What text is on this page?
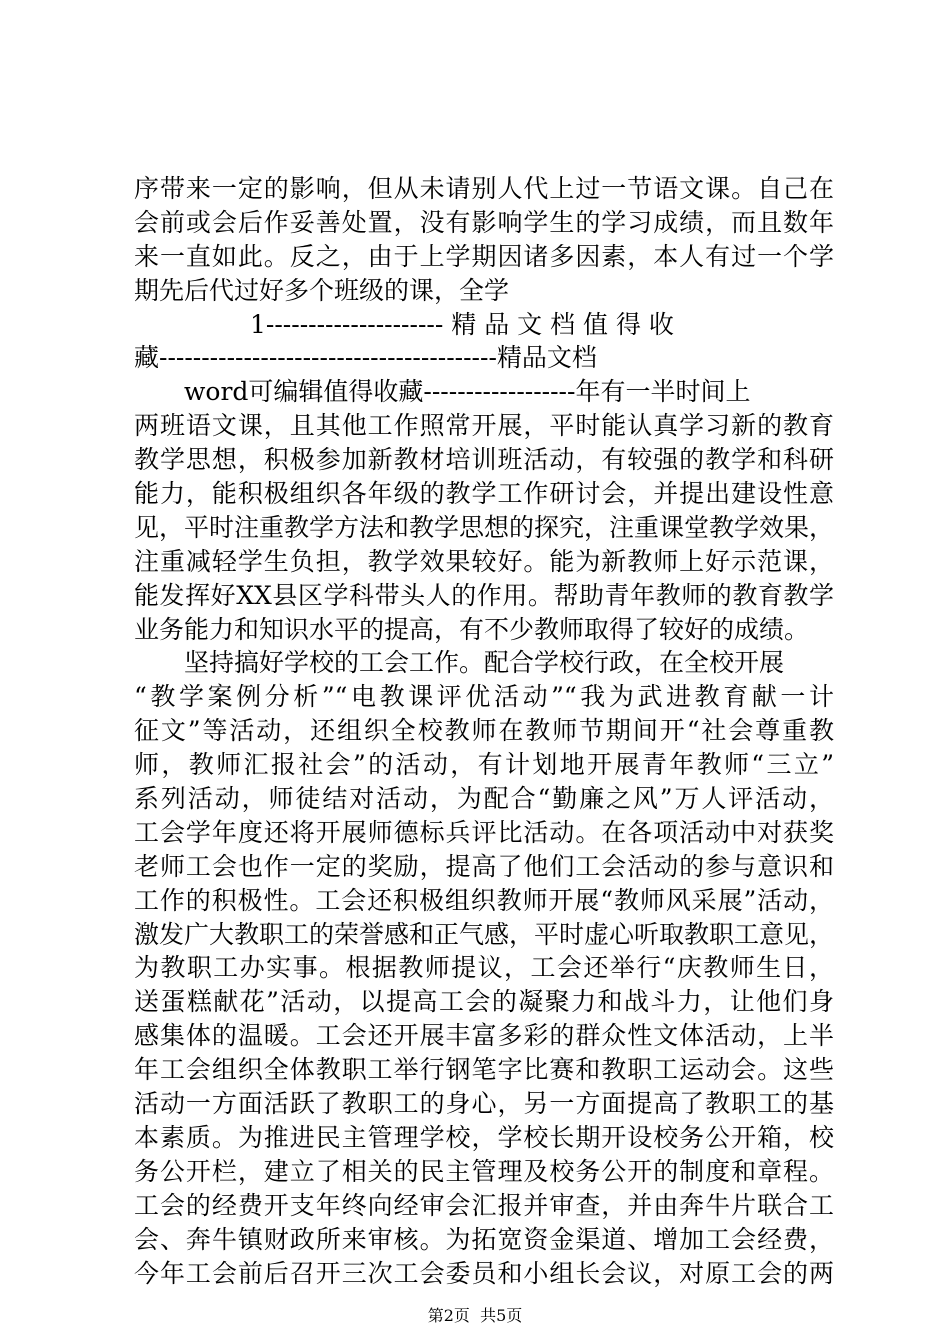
序带来一定的影响，但从未请别人代上过一节语文课。自己在
会前或会后作妥善处置，没有影响学生的学习成绩，而且数年
来一直如此。反之，由于上学期因诸多因素，本人有过一个学
期先后代过好多个班级的课，全学
1--------------------- 精 品 文 档 值 得 收
藏----------------------------------------精品文档
word可编辑值得收藏------------------年有一半时间上
两班语文课，且其他工作照常开展，平时能认真学习新的教育
教学思想，积极参加新教材培训班活动，有较强的教学和科研
能力，能积极组织各年级的教学工作研讨会，并提出建设性意
见，平时注重教学方法和教学思想的探究，注重课堂教学效果，
注重减轻学生负担，教学效果较好。能为新教师上好示范课，
能发挥好XX县区学科带头人的作用。帮助青年教师的教育教学
业务能力和知识水平的提高，有不少教师取得了较好的成绩。
坚持搞好学校的工会工作。配合学校行政，在全校开展
“教学案例分析”“电教课评优活动”“我为武进教育献一计
征文”等活动，还组织全校教师在教师节期间开“社会尊重教
师，教师汇报社会”的活动，有计划地开展青年教师“三立”
系列活动，师徒结对活动，为配合“勤廉之风”万人评活动，
工会学年度还将开展师德标兵评比活动。在各项活动中对获奖
老师工会也作一定的奖励，提高了他们工会活动的参与意识和
工作的积极性。工会还积极组织教师开展“教师风采展”活动，
激发广大教职工的荣誉感和正气感，平时虚心听取教职工意见，
为教职工办实事。根据教师提议，工会还举行“庆教师生日，
送蛋糕献花”活动，以提高工会的凝聚力和战斗力，让他们身
感集体的温暖。工会还开展丰富多彩的群众性文体活动，上半
年工会组织全体教职工举行钢笔字比赛和教职工运动会。这些
活动一方面活跃了教职工的身心，另一方面提高了教职工的基
本素质。为推进民主管理学校，学校长期开设校务公开箱，校
务公开栏，建立了相关的民主管理及校务公开的制度和章程。
工会的经费开支年终向经审会汇报并审查，并由奔牛片联合工
会、奔牛镇财政所来审核。为拓宽资金渠道、增加工会经费，
今年工会前后召开三次工会委员和小组长会议，对原工会的两
第2页  共5页
